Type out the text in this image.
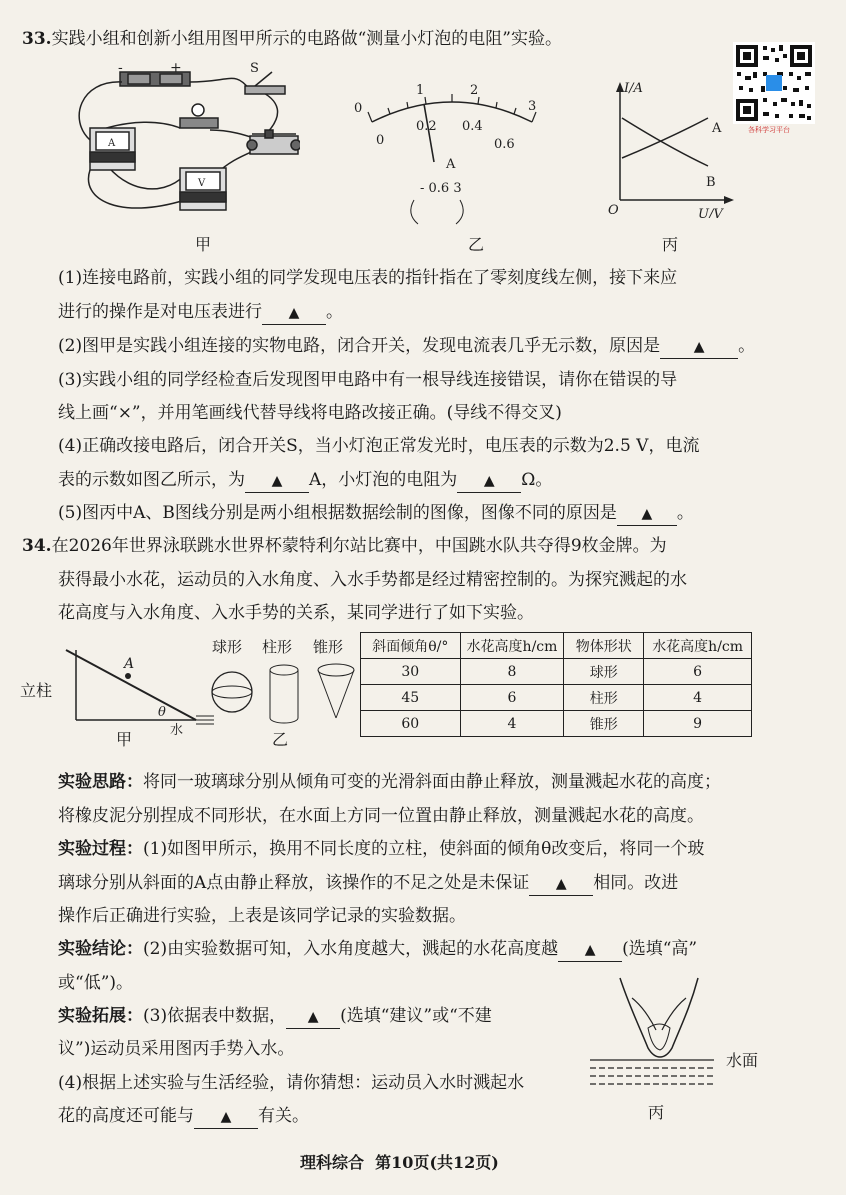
33.实践小组和创新小组用图甲所示的电路做“测量小灯泡的电阻”实验。
各科学习平台
-	+	S
A
V
甲
0
1	2
3
0
0.2 0.4
0.6
A
- 0.6 3
乙
I/A
U/V
O
A
B
丙
(1)连接电路前，实践小组的同学发现电压表的指针指在了零刻度线左侧，接下来应
进行的操作是对电压表进行 ▲ 。
(2)图甲是实践小组连接的实物电路，闭合开关，发现电流表几乎无示数，原因是 ▲ 。
(3)实践小组的同学经检查后发现图甲电路中有一根导线连接错误，请你在错误的导
线上画“×”，并用笔画线代替导线将电路改接正确。(导线不得交叉)
(4)正确改接电路后，闭合开关S，当小灯泡正常发光时，电压表的示数为2.5 V，电流
表的示数如图乙所示，为 ▲ A，小灯泡的电阻为 ▲ Ω。
(5)图丙中A、B图线分别是两小组根据数据绘制的图像，图像不同的原因是 ▲ 。
34.在2026年世界泳联跳水世界杯蒙特利尔站比赛中，中国跳水队共夺得9枚金牌。为
获得最小水花，运动员的入水角度、入水手势都是经过精密控制的。为探究溅起的水
花高度与入水角度、入水手势的关系，某同学进行了如下实验。
A
θ
水
立柱
甲
球形 柱形 锥形
乙
斜面倾角θ/°	水花高度h/cm	物体形状	水花高度h/cm
30	8	球形	6
45	6	柱形	4
60	4	锥形	9
实验思路：将同一玻璃球分别从倾角可变的光滑斜面由静止释放，测量溅起水花的高度；
将橡皮泥分别捏成不同形状，在水面上方同一位置由静止释放，测量溅起水花的高度。
实验过程：(1)如图甲所示，换用不同长度的立柱，使斜面的倾角θ改变后，将同一个玻
璃球分别从斜面的A点由静止释放，该操作的不足之处是未保证 ▲ 相同。改进
操作后正确进行实验，上表是该同学记录的实验数据。
实验结论：(2)由实验数据可知，入水角度越大，溅起的水花高度越 ▲ (选填“高”
或“低”)。
实验拓展：(3)依据表中数据， ▲ (选填“建议”或“不建
议”)运动员采用图丙手势入水。
(4)根据上述实验与生活经验，请你猜想：运动员入水时溅起水
花的高度还可能与 ▲ 有关。
水面
丙
理科综合 第10页(共12页)
